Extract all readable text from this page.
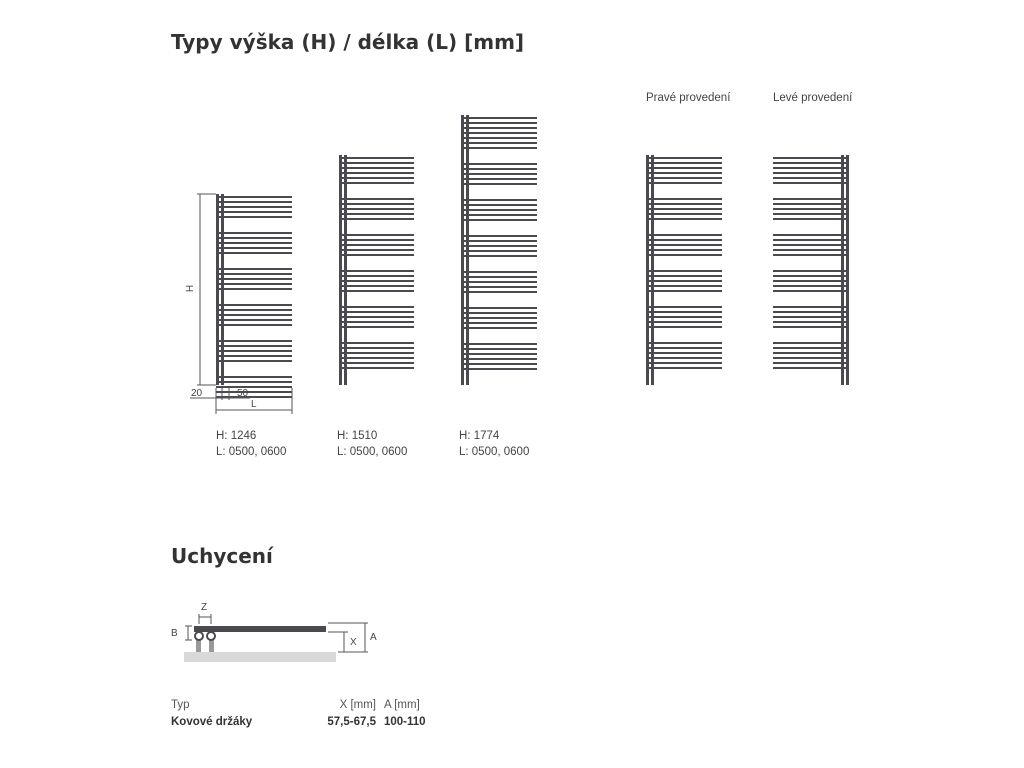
Typy výška (H) / délka (L) [mm]
Pravé provedení	Levé provedení
H: 1246
L: 0500, 0600
H: 1510
L: 0500, 0600
H: 1774
L: 0500, 0600
H
20	50
L
Uchycení
Z
B
X A
Typ	X [mm]	A [mm]
Kovové držáky	57,5-67,5	100-110
